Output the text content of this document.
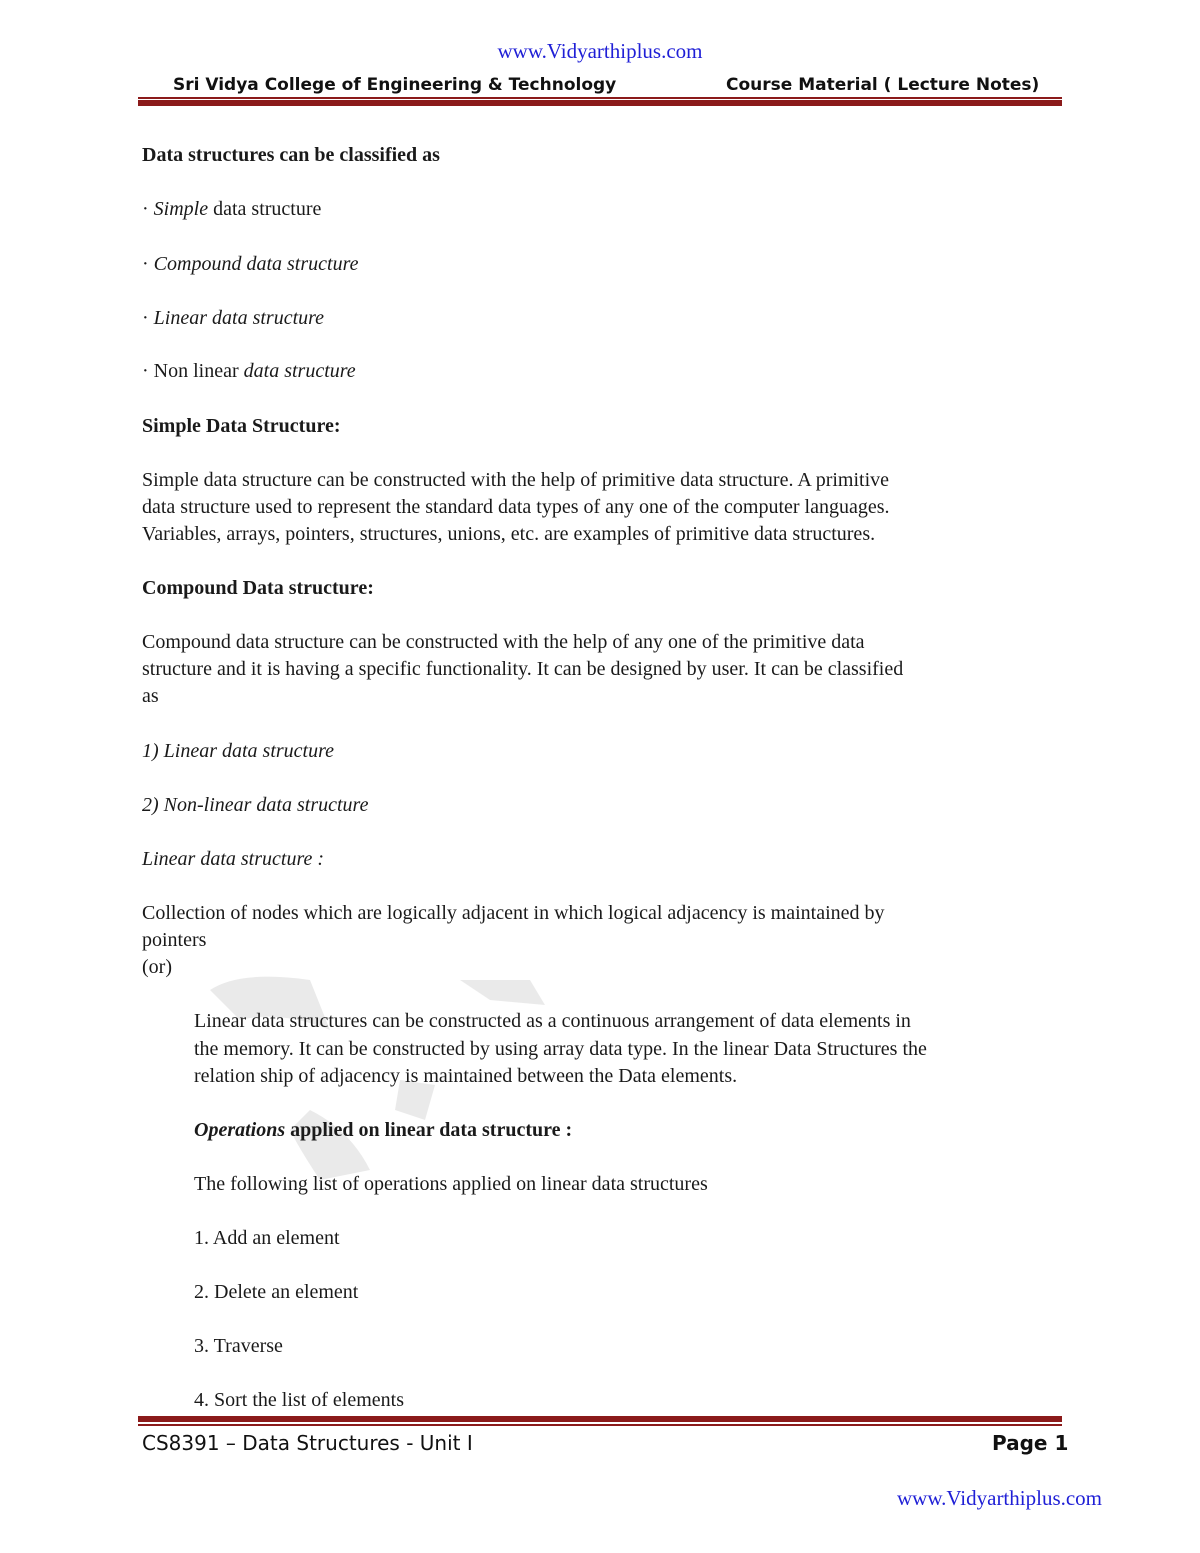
www.Vidyarthiplus.com
Sri Vidya College of Engineering & Technology	Course Material ( Lecture Notes)
Data structures can be classified as
· Simple data structure
· Compound data structure
· Linear data structure
· Non linear data structure
Simple Data Structure:
Simple data structure can be constructed with the help of primitive data structure. A primitive
data structure used to represent the standard data types of any one of the computer languages.
Variables, arrays, pointers, structures, unions, etc. are examples of primitive data structures.
Compound Data structure:
Compound data structure can be constructed with the help of any one of the primitive data
structure and it is having a specific functionality. It can be designed by user. It can be classified
as
1) Linear data structure
2) Non-linear data structure
Linear data structure :
Collection of nodes which are logically adjacent in which logical adjacency is maintained by
pointers
(or)
Linear data structures can be constructed as a continuous arrangement of data elements in
the memory. It can be constructed by using array data type. In the linear Data Structures the
relation ship of adjacency is maintained between the Data elements.
Operations applied on linear data structure :
The following list of operations applied on linear data structures
1. Add an element
2. Delete an element
3. Traverse
4. Sort the list of elements
CS8391 – Data Structures - Unit I	Page 1
www.Vidyarthiplus.com
